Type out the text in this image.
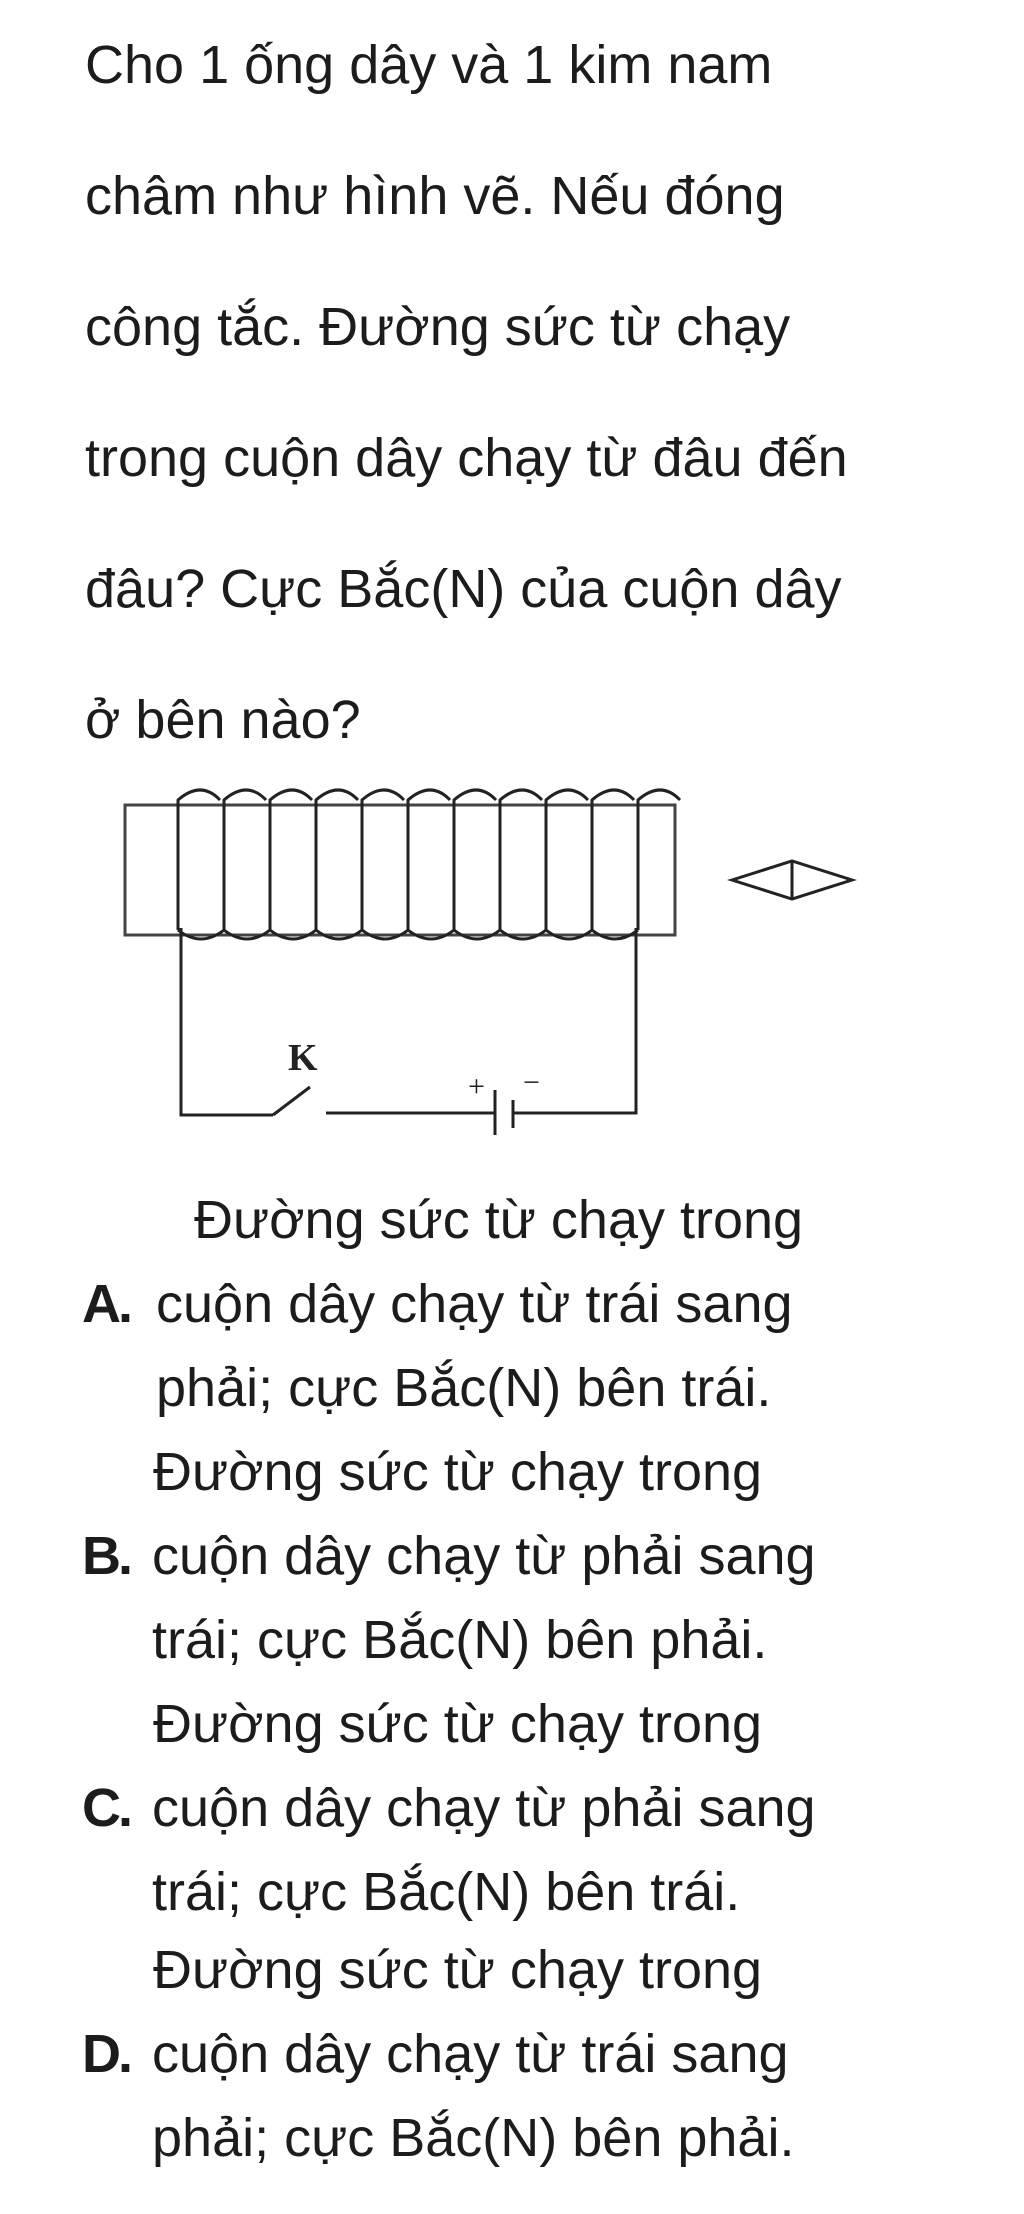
Cho 1 ống dây và 1 kim nam
châm như hình vẽ. Nếu đóng
công tắc. Đường sức từ chạy
trong cuộn dây chạy từ đâu đến
đâu? Cực Bắc(N) của cuộn dây
ở bên nào?
K
+ −
Đường sức từ chạy trong
A. cuộn dây chạy từ trái sang
phải; cực Bắc(N) bên trái.
Đường sức từ chạy trong
B. cuộn dây chạy từ phải sang
trái; cực Bắc(N) bên phải.
Đường sức từ chạy trong
C. cuộn dây chạy từ phải sang
trái; cực Bắc(N) bên trái.
Đường sức từ chạy trong
D. cuộn dây chạy từ trái sang
phải; cực Bắc(N) bên phải.
